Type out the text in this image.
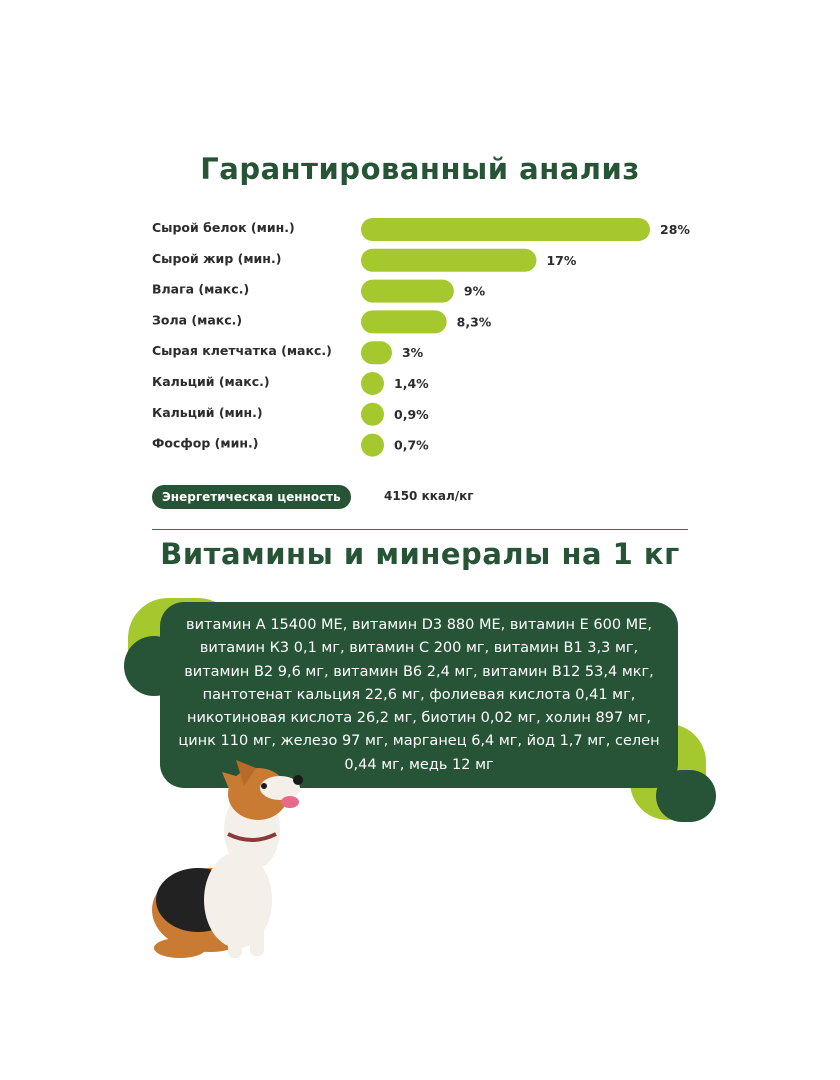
Гарантированный анализ
Сырой белок (мин.)	28%
Сырой жир (мин.)	17%
Влага (макс.)	9%
Зола (макс.)	8,3%
Сырая клетчатка (макс.)	3%
Кальций (макс.)	1,4%
Кальций (мин.)	0,9%
Фосфор (мин.)	0,7%
Энергетическая ценность	4150 ккал/кг
Витамины и минералы на 1 кг
витамин А 15400 МЕ, витамин D3 880 МЕ, витамин Е 600 МЕ, витамин К3 0,1 мг, витамин С 200 мг, витамин В1 3,3 мг, витамин В2 9,6 мг, витамин В6 2,4 мг, витамин В12 53,4 мкг, пантотенат кальция 22,6 мг, фолиевая кислота 0,41 мг, никотиновая кислота 26,2 мг, биотин 0,02 мг, холин 897 мг, цинк 110 мг, железо 97 мг, марганец 6,4 мг, йод 1,7 мг, селен 0,44 мг, медь 12 мг
